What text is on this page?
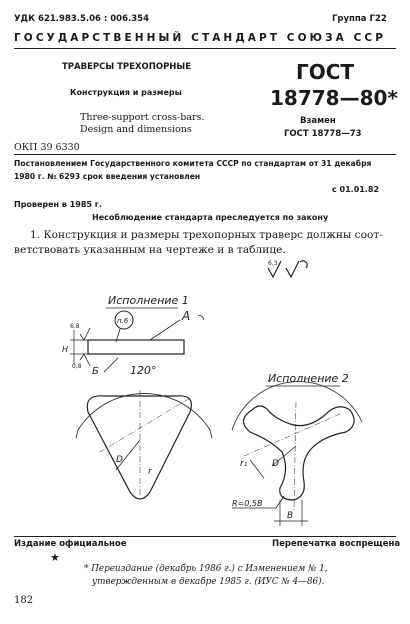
УДК 621.983.5.06 : 006.354	Группа Г22
ГОСУДАРСТВЕННЫЙ СТАНДАРТ СОЮЗА ССР
ТРАВЕРСЫ ТРЕХОПОРНЫЕ
Конструкция и размеры
Three-support cross-bars.
Design and dimensions
ОКП 39 6330
ГОСТ
18778—80*
Взамен
ГОСТ 18778—73
Постановлением Государственного комитета СССР по стандартам от 31 декабря
1980 г. № 6293 срок введения установлен
с 01.01.82
Проверен в 1985 г.
Несоблюдение стандарта преследуется по закону
1. Конструкция и размеры трехопорных траверс должны соот-
ветствовать указанным на чертеже и в таблице.
6,3
Исполнение 1
H
6,8
0,8
п.6	А
Б	120°
D
r
Исполнение 2
D
r₁
R=0,5B
B
Издание официальное	Перепечатка воспрещена
★
* Переиздание (декабрь 1986 г.) с Изменением № 1,
утвержденным в декабре 1985 г. (ИУС № 4—86).
182
